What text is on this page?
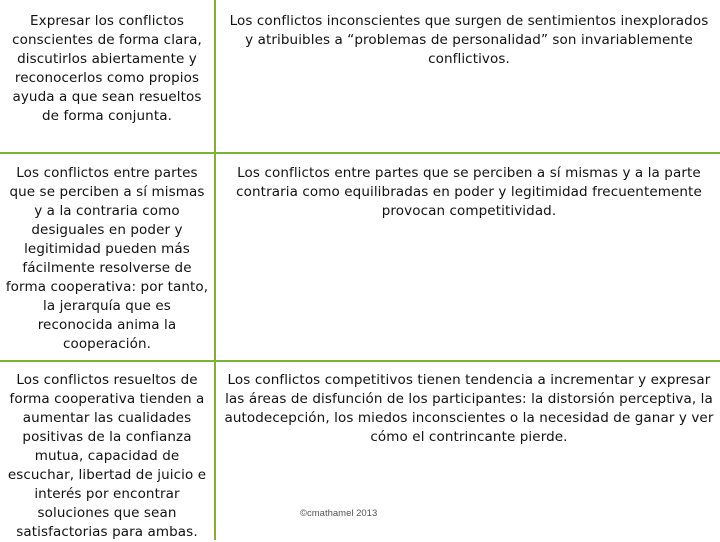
Expresar los conflictos conscientes de forma clara, discutirlos abiertamente y reconocerlos como propios ayuda a que sean resueltos de forma conjunta.
Los conflictos inconscientes que surgen de sentimientos inexplorados y atribuibles a “problemas de personalidad” son invariablemente conflictivos.
Los conflictos entre partes que se perciben a sí mismas y a la contraria como desiguales en poder y legitimidad pueden más fácilmente resolverse de forma cooperativa: por tanto, la jerarquía que es reconocida anima la cooperación.
Los conflictos entre partes que se perciben a sí mismas y a la parte contraria como equilibradas en poder y legitimidad frecuentemente provocan competitividad.
Los conflictos resueltos de forma cooperativa tienden a aumentar las cualidades positivas de la confianza mutua, capacidad de escuchar, libertad de juicio e interés por encontrar soluciones que sean satisfactorias para ambas.
Los conflictos competitivos tienen tendencia a incrementar y expresar las áreas de disfunción de los participantes: la distorsión perceptiva, la autodecepción, los miedos inconscientes o la necesidad de ganar y ver cómo el contrincante pierde.
©cmathamel 2013
